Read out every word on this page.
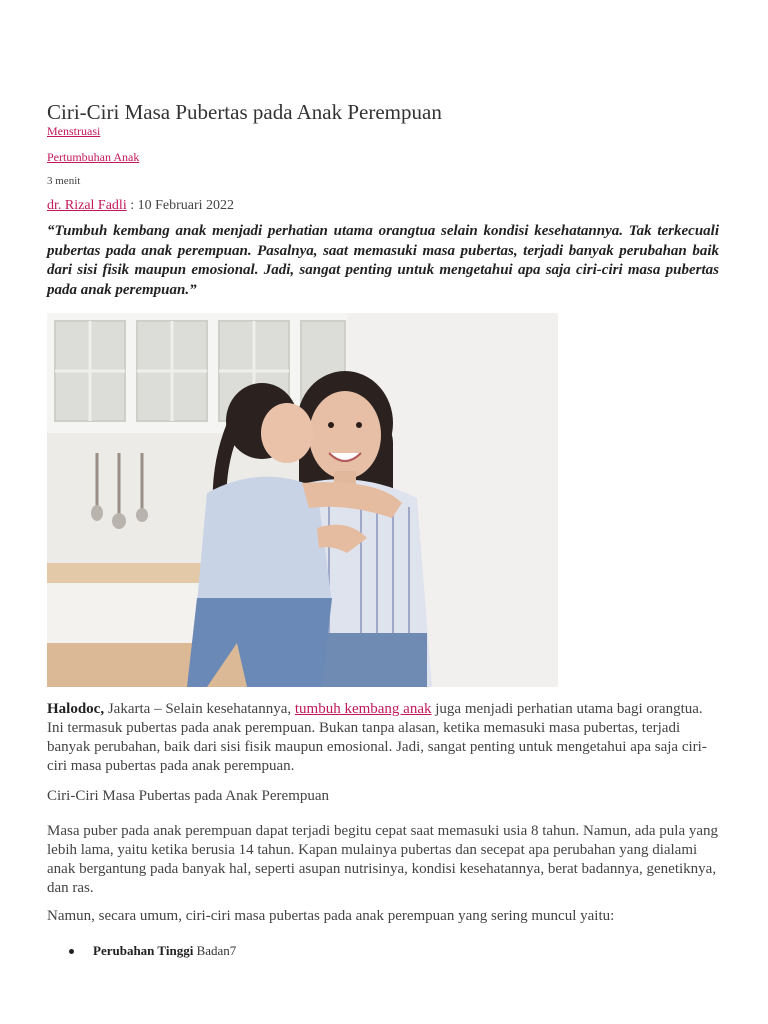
Ciri-Ciri Masa Pubertas pada Anak Perempuan
Menstruasi
Pertumbuhan Anak
3 menit
dr. Rizal Fadli : 10 Februari 2022

“Tumbuh kembang anak menjadi perhatian utama orangtua selain kondisi kesehatannya. Tak terkecuali pubertas pada anak perempuan. Pasalnya, saat memasuki masa pubertas, terjadi banyak perubahan baik dari sisi fisik maupun emosional. Jadi, sangat penting untuk mengetahui apa saja ciri-ciri masa pubertas pada anak perempuan.”

Halodoc, Jakarta – Selain kesehatannya, tumbuh kembang anak juga menjadi perhatian utama bagi orangtua. Ini termasuk pubertas pada anak perempuan. Bukan tanpa alasan, ketika memasuki masa pubertas, terjadi banyak perubahan, baik dari sisi fisik maupun emosional. Jadi, sangat penting untuk mengetahui apa saja ciri-ciri masa pubertas pada anak perempuan.

Ciri-Ciri Masa Pubertas pada Anak Perempuan

Masa puber pada anak perempuan dapat terjadi begitu cepat saat memasuki usia 8 tahun. Namun, ada pula yang lebih lama, yaitu ketika berusia 14 tahun. Kapan mulainya pubertas dan secepat apa perubahan yang dialami anak bergantung pada banyak hal, seperti asupan nutrisinya, kondisi kesehatannya, berat badannya, genetiknya, dan ras.

Namun, secara umum, ciri-ciri masa pubertas pada anak perempuan yang sering muncul yaitu:

Perubahan Tinggi Badan7
